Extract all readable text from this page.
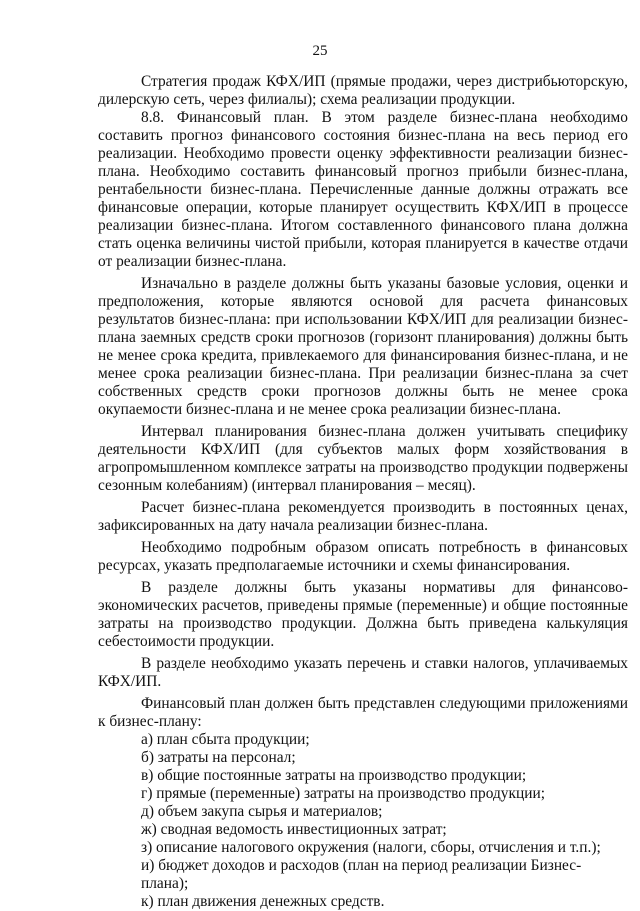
25

Стратегия продаж КФХ/ИП (прямые продажи, через дистрибьюторскую, дилерскую сеть, через филиалы); схема реализации продукции.

8.8. Финансовый план. В этом разделе бизнес-плана необходимо составить прогноз финансового состояния бизнес-плана на весь период его реализации. Необходимо провести оценку эффективности реализации бизнес-плана. Необходимо составить финансовый прогноз прибыли бизнес-плана, рентабельности бизнес-плана. Перечисленные данные должны отражать все финансовые операции, которые планирует осуществить КФХ/ИП в процессе реализации бизнес-плана. Итогом составленного финансового плана должна стать оценка величины чистой прибыли, которая планируется в качестве отдачи от реализации бизнес-плана.

Изначально в разделе должны быть указаны базовые условия, оценки и предположения, которые являются основой для расчета финансовых результатов бизнес-плана: при использовании КФХ/ИП для реализации бизнес-плана заемных средств сроки прогнозов (горизонт планирования) должны быть не менее срока кредита, привлекаемого для финансирования бизнес-плана, и не менее срока реализации бизнес-плана. При реализации бизнес-плана за счет собственных средств сроки прогнозов должны быть не менее срока окупаемости бизнес-плана и не менее срока реализации бизнес-плана.

Интервал планирования бизнес-плана должен учитывать специфику деятельности КФХ/ИП (для субъектов малых форм хозяйствования в агропромышленном комплексе затраты на производство продукции подвержены сезонным колебаниям) (интервал планирования – месяц).

Расчет бизнес-плана рекомендуется производить в постоянных ценах, зафиксированных на дату начала реализации бизнес-плана.

Необходимо подробным образом описать потребность в финансовых ресурсах, указать предполагаемые источники и схемы финансирования.

В разделе должны быть указаны нормативы для финансово-экономических расчетов, приведены прямые (переменные) и общие постоянные затраты на производство продукции. Должна быть приведена калькуляция себестоимости продукции.

В разделе необходимо указать перечень и ставки налогов, уплачиваемых КФХ/ИП.

Финансовый план должен быть представлен следующими приложениями к бизнес-плану:

а) план сбыта продукции;
б) затраты на персонал;
в) общие постоянные затраты на производство продукции;
г) прямые (переменные) затраты на производство продукции;
д) объем закупа сырья и материалов;
ж) сводная ведомость инвестиционных затрат;
з) описание налогового окружения (налоги, сборы, отчисления и т.п.);
и) бюджет доходов и расходов (план на период реализации Бизнес-плана);
к) план движения денежных средств.
